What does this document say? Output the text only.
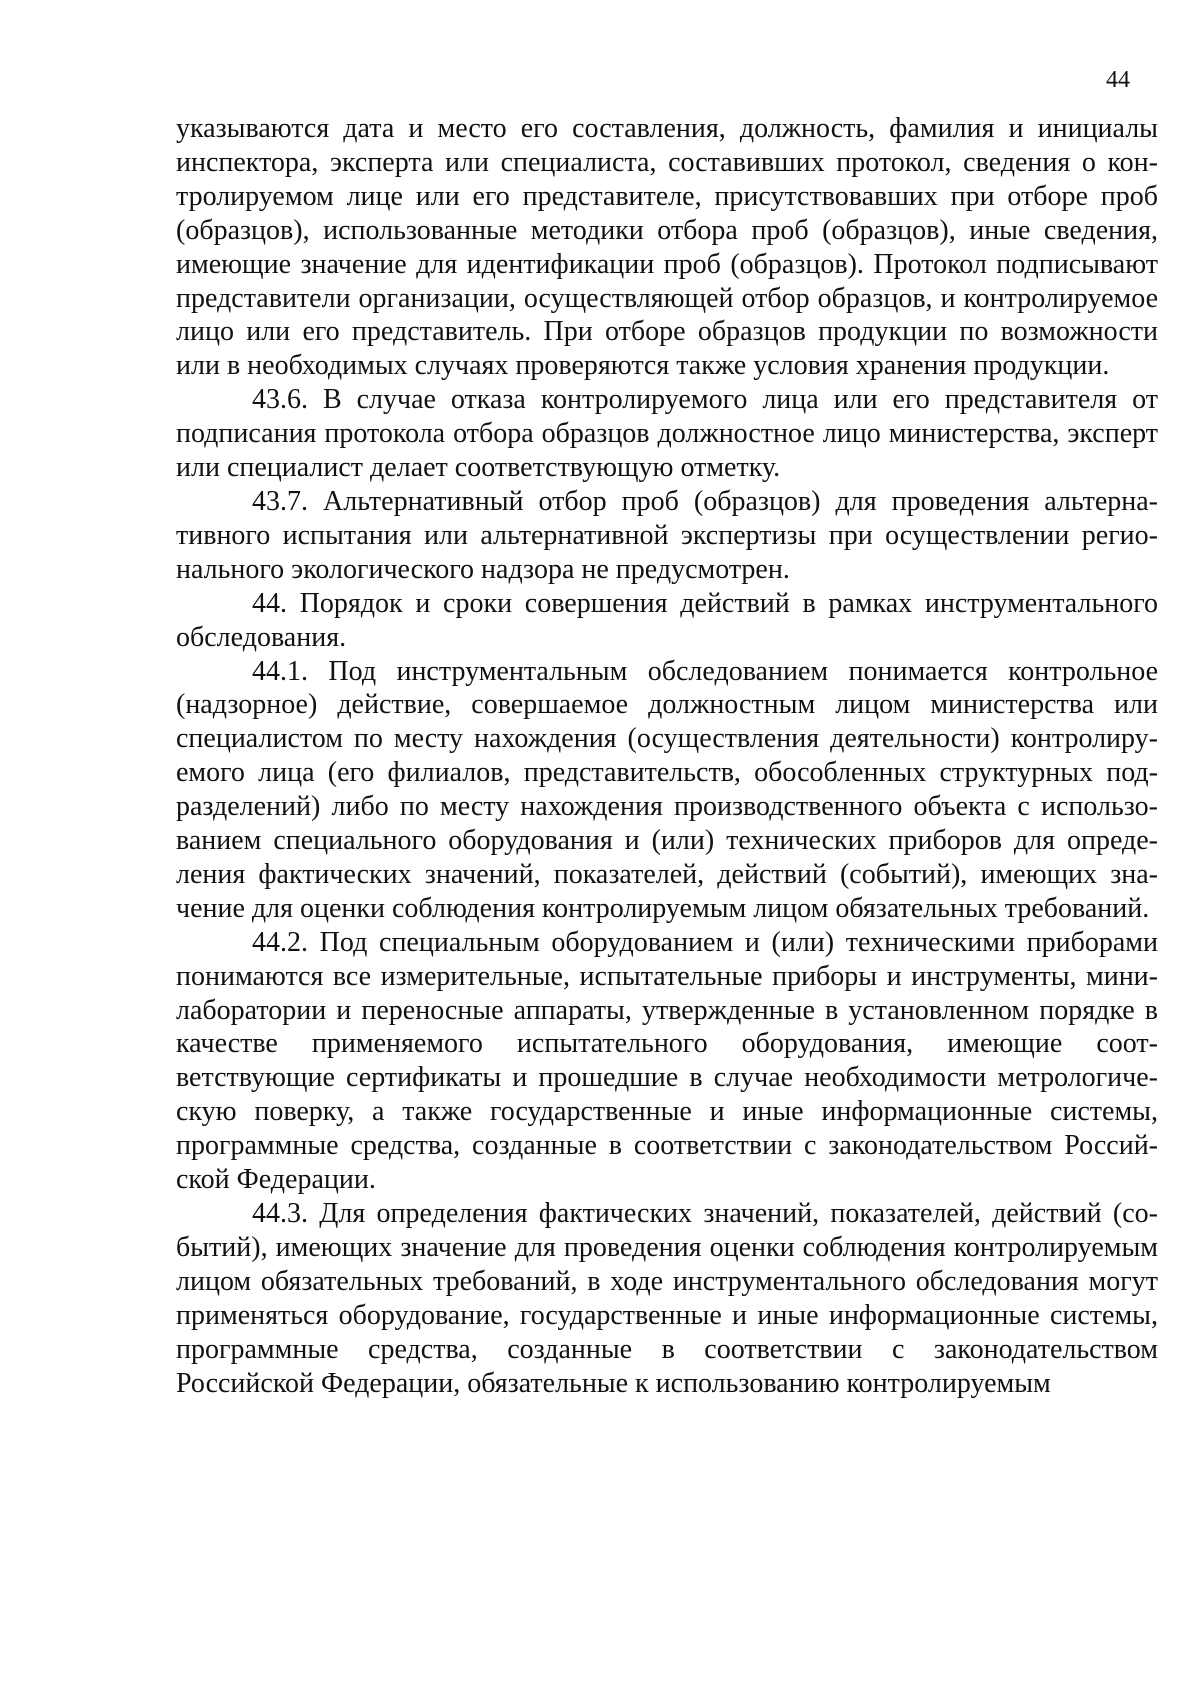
44

указываются дата и место его составления, должность, фамилия и инициалы инспектора, эксперта или специалиста, составивших протокол, сведения о контролируемом лице или его представителе, присутствовавших при отборе проб (образцов), использованные методики отбора проб (образцов), иные сведения, имеющие значение для идентификации проб (образцов). Протокол подписывают представители организации, осуществляющей отбор образцов, и контролируемое лицо или его представитель. При отборе образцов продукции по возможности или в необходимых случаях проверяются также условия хранения продукции.

43.6. В случае отказа контролируемого лица или его представителя от подписания протокола отбора образцов должностное лицо министерства, эксперт или специалист делает соответствующую отметку.

43.7. Альтернативный отбор проб (образцов) для проведения альтернативного испытания или альтернативной экспертизы при осуществлении регионального экологического надзора не предусмотрен.

44. Порядок и сроки совершения действий в рамках инструментального обследования.

44.1. Под инструментальным обследованием понимается контрольное (надзорное) действие, совершаемое должностным лицом министерства или специалистом по месту нахождения (осуществления деятельности) контролируемого лица (его филиалов, представительств, обособленных структурных подразделений) либо по месту нахождения производственного объекта с использованием специального оборудования и (или) технических приборов для определения фактических значений, показателей, действий (событий), имеющих значение для оценки соблюдения контролируемым лицом обязательных требований.

44.2. Под специальным оборудованием и (или) техническими приборами понимаются все измерительные, испытательные приборы и инструменты, мини-лаборатории и переносные аппараты, утвержденные в установленном порядке в качестве применяемого испытательного оборудования, имеющие соответствующие сертификаты и прошедшие в случае необходимости метрологическую поверку, а также государственные и иные информационные системы, программные средства, созданные в соответствии с законодательством Российской Федерации.

44.3. Для определения фактических значений, показателей, действий (событий), имеющих значение для проведения оценки соблюдения контролируемым лицом обязательных требований, в ходе инструментального обследования могут применяться оборудование, государственные и иные информационные системы, программные средства, созданные в соответствии с законодательством Российской Федерации, обязательные к использованию контролируемым
